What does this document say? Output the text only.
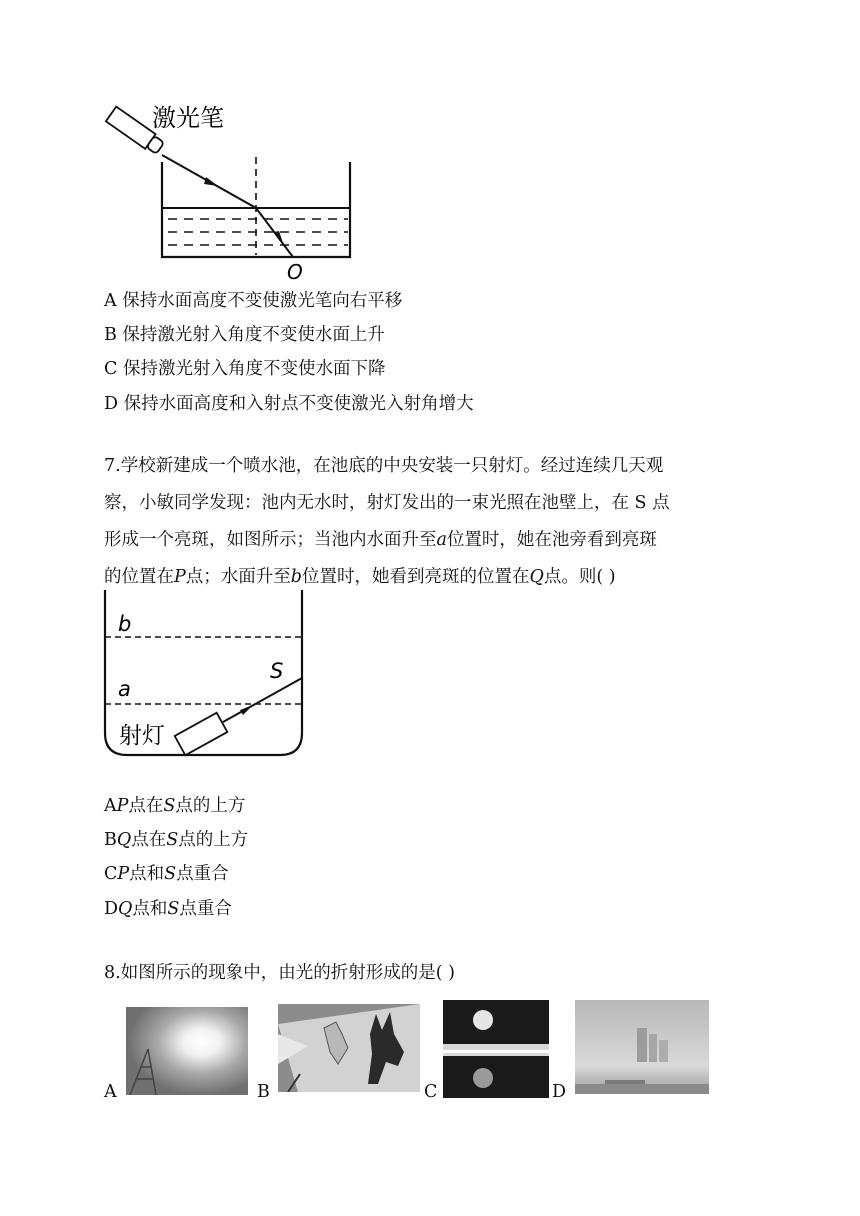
激光笔
O
A 保持水面高度不变使激光笔向右平移
B 保持激光射入角度不变使水面上升
C 保持激光射入角度不变使水面下降
D 保持水面高度和入射点不变使激光入射角增大
7.学校新建成一个喷水池，在池底的中央安装一只射灯。经过连续几天观
察，小敏同学发现：池内无水时，射灯发出的一束光照在池壁上，在 S 点
形成一个亮斑，如图所示；当池内水面升至a位置时，她在池旁看到亮斑
的位置在P点；水面升至b位置时，她看到亮斑的位置在Q点。则( )
b
a
S
射灯
AP点在S点的上方
BQ点在S点的上方
CP点和S点重合
DQ点和S点重合
8.如图所示的现象中，由光的折射形成的是( )
A	B	C	D
